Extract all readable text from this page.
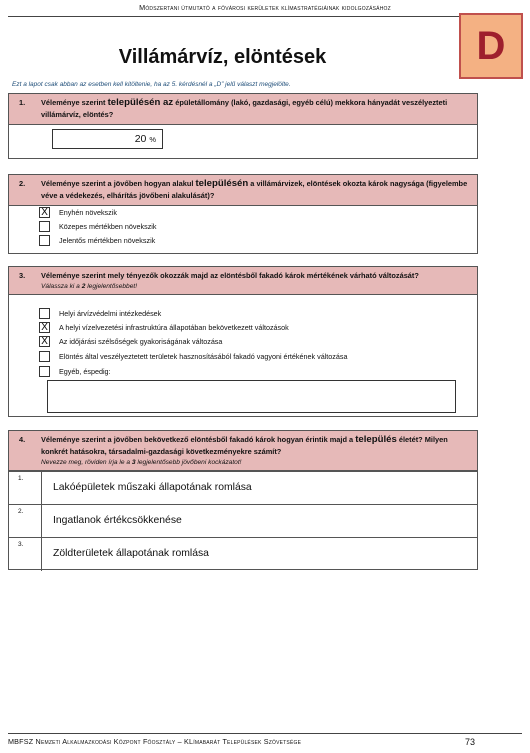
Módszertani útmutató a fővárosi kerületek klímastratégiáinak kidolgozásához
D
Villámárvíz, elöntések
Ezt a lapot csak abban az esetben kell kitöltenie, ha az 5. kérdésnél a „D” jelű választ megjelölte.
1. Véleménye szerint településén az épületállomány (lakó, gazdasági, egyéb célú) mekkora hányadát veszélyezteti villámárvíz, elöntés?
20 %
2. Véleménye szerint a jövőben hogyan alakul településén a villámárvizek, elöntések okozta károk nagysága (figyelembe véve a védekezés, elhárítás jövőbeni alakulását)?
X Enyhén növekszik
Közepes mértékben növekszik
Jelentős mértékben növekszik
3. Véleménye szerint mely tényezők okozzák majd az elöntésből fakadó károk mértékének várható változását?
Válassza ki a 2 legjelentősebbet!
Helyi árvízvédelmi intézkedések
X A helyi vízelvezetési infrastruktúra állapotában bekövetkezett változások
X Az időjárási szélsőségek gyakoriságának változása
Elöntés által veszélyeztetett területek hasznosításából fakadó vagyoni értékének változása
Egyéb, éspedig:
4. Véleménye szerint a jövőben bekövetkező elöntésből fakadó károk hogyan érintik majd a település életét? Milyen konkrét hatásokra, társadalmi-gazdasági következményekre számít?
Nevezze meg, röviden írja le a 3 legjelentősebb jövőbeni kockázatot!
1.
Lakóépületek műszaki állapotának romlása
2.
Ingatlanok értékcsökkenése
3.
Zöldterületek állapotának romlása
MBFSZ Nemzeti Alkalmazkodási Központ Főosztály – KLímabarát Települések Szövetsége	73
